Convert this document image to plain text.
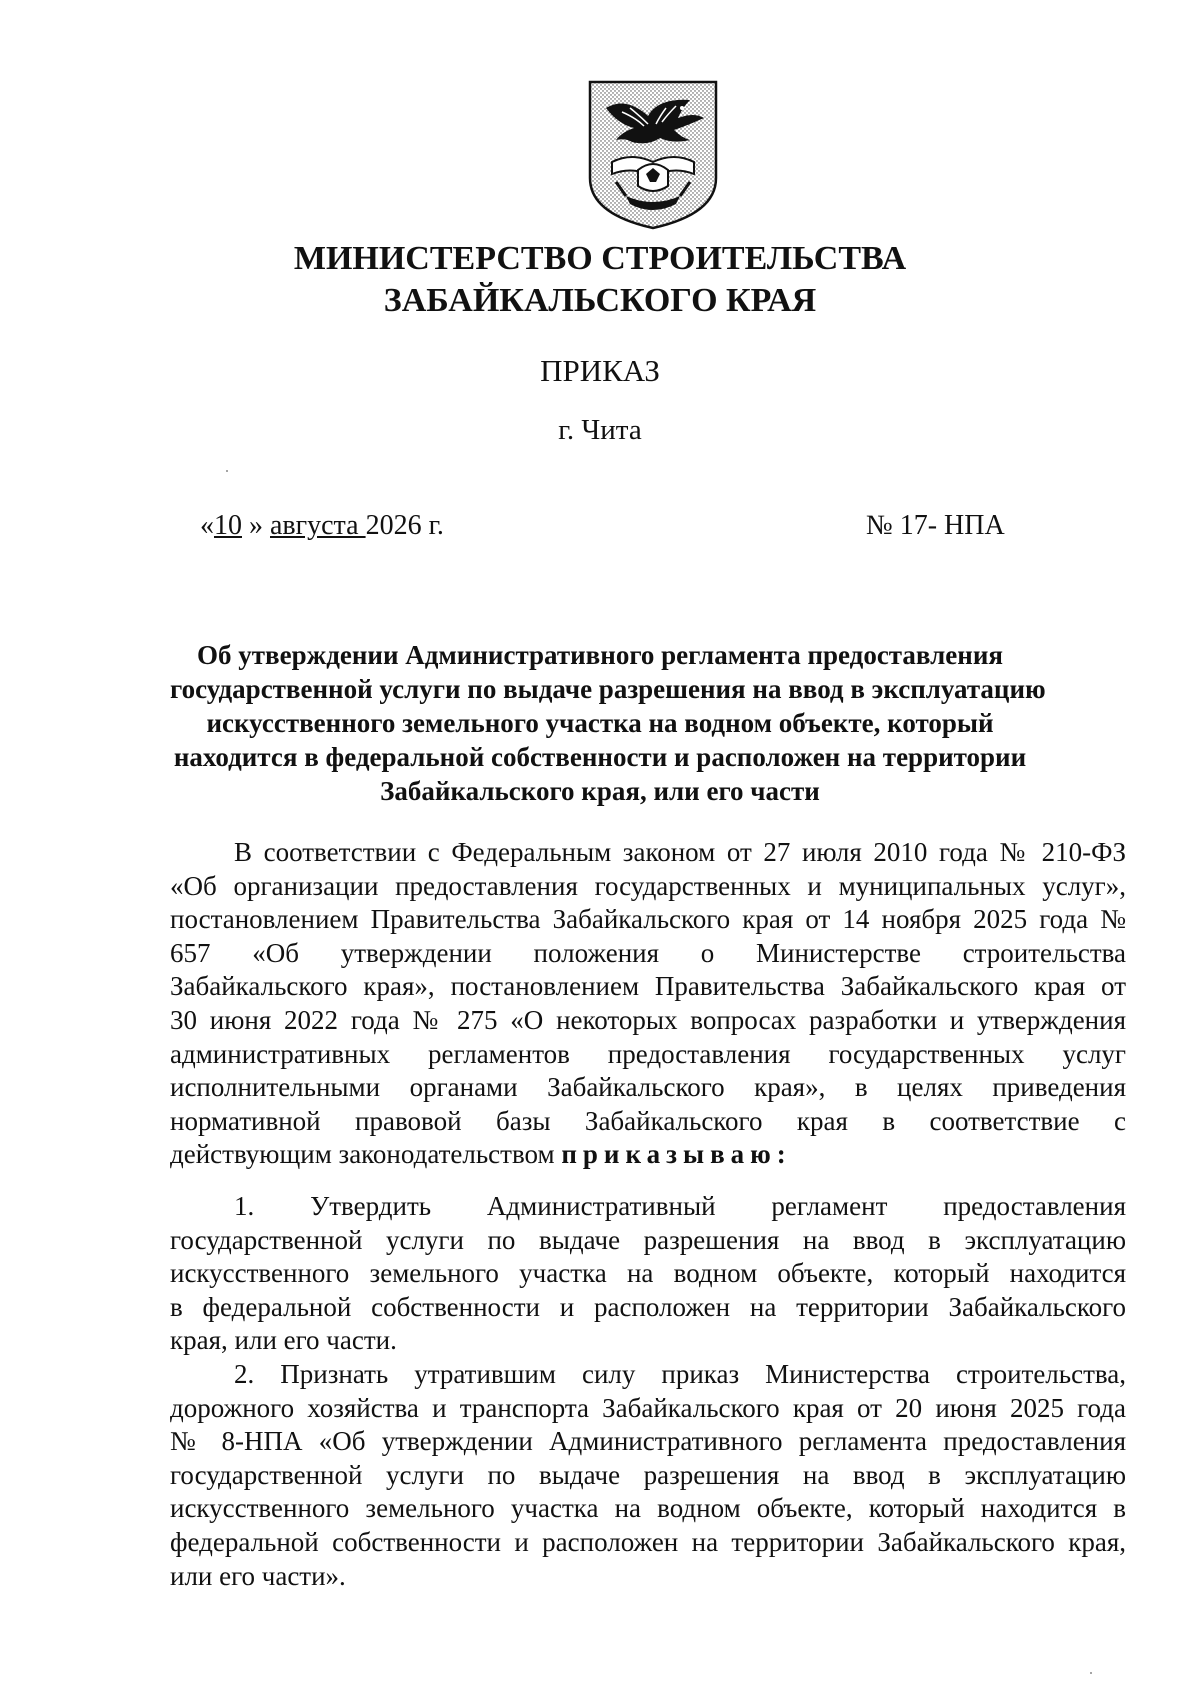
МИНИСТЕРСТВО СТРОИТЕЛЬСТВА
ЗАБАЙКАЛЬСКОГО КРАЯ
ПРИКАЗ
г. Чита
«10 » августа 2026 г.	№ 17- НПА
Об утверждении Административного регламента предоставления
государственной услуги по выдаче разрешения на ввод в эксплуатацию
искусственного земельного участка на водном объекте, который
находится в федеральной собственности и расположен на территории
Забайкальского края, или его части
В соответствии с Федеральным законом от 27 июля 2010 года № 210-ФЗ
«Об организации предоставления государственных и муниципальных услуг»,
постановлением Правительства Забайкальского края от 14 ноября 2025 года №
657 «Об утверждении положения о Министерстве строительства
Забайкальского края», постановлением Правительства Забайкальского края от
30 июня 2022 года № 275 «О некоторых вопросах разработки и утверждения
административных регламентов предоставления государственных услуг
исполнительными органами Забайкальского края», в целях приведения
нормативной правовой базы Забайкальского края в соответствие с
действующим законодательством приказываю:
1. Утвердить Административный регламент предоставления
государственной услуги по выдаче разрешения на ввод в эксплуатацию
искусственного земельного участка на водном объекте, который находится
в федеральной собственности и расположен на территории Забайкальского
края, или его части.
2. Признать утратившим силу приказ Министерства строительства,
дорожного хозяйства и транспорта Забайкальского края от 20 июня 2025 года
№ 8-НПА «Об утверждении Административного регламента предоставления
государственной услуги по выдаче разрешения на ввод в эксплуатацию
искусственного земельного участка на водном объекте, который находится в
федеральной собственности и расположен на территории Забайкальского края,
или его части».
